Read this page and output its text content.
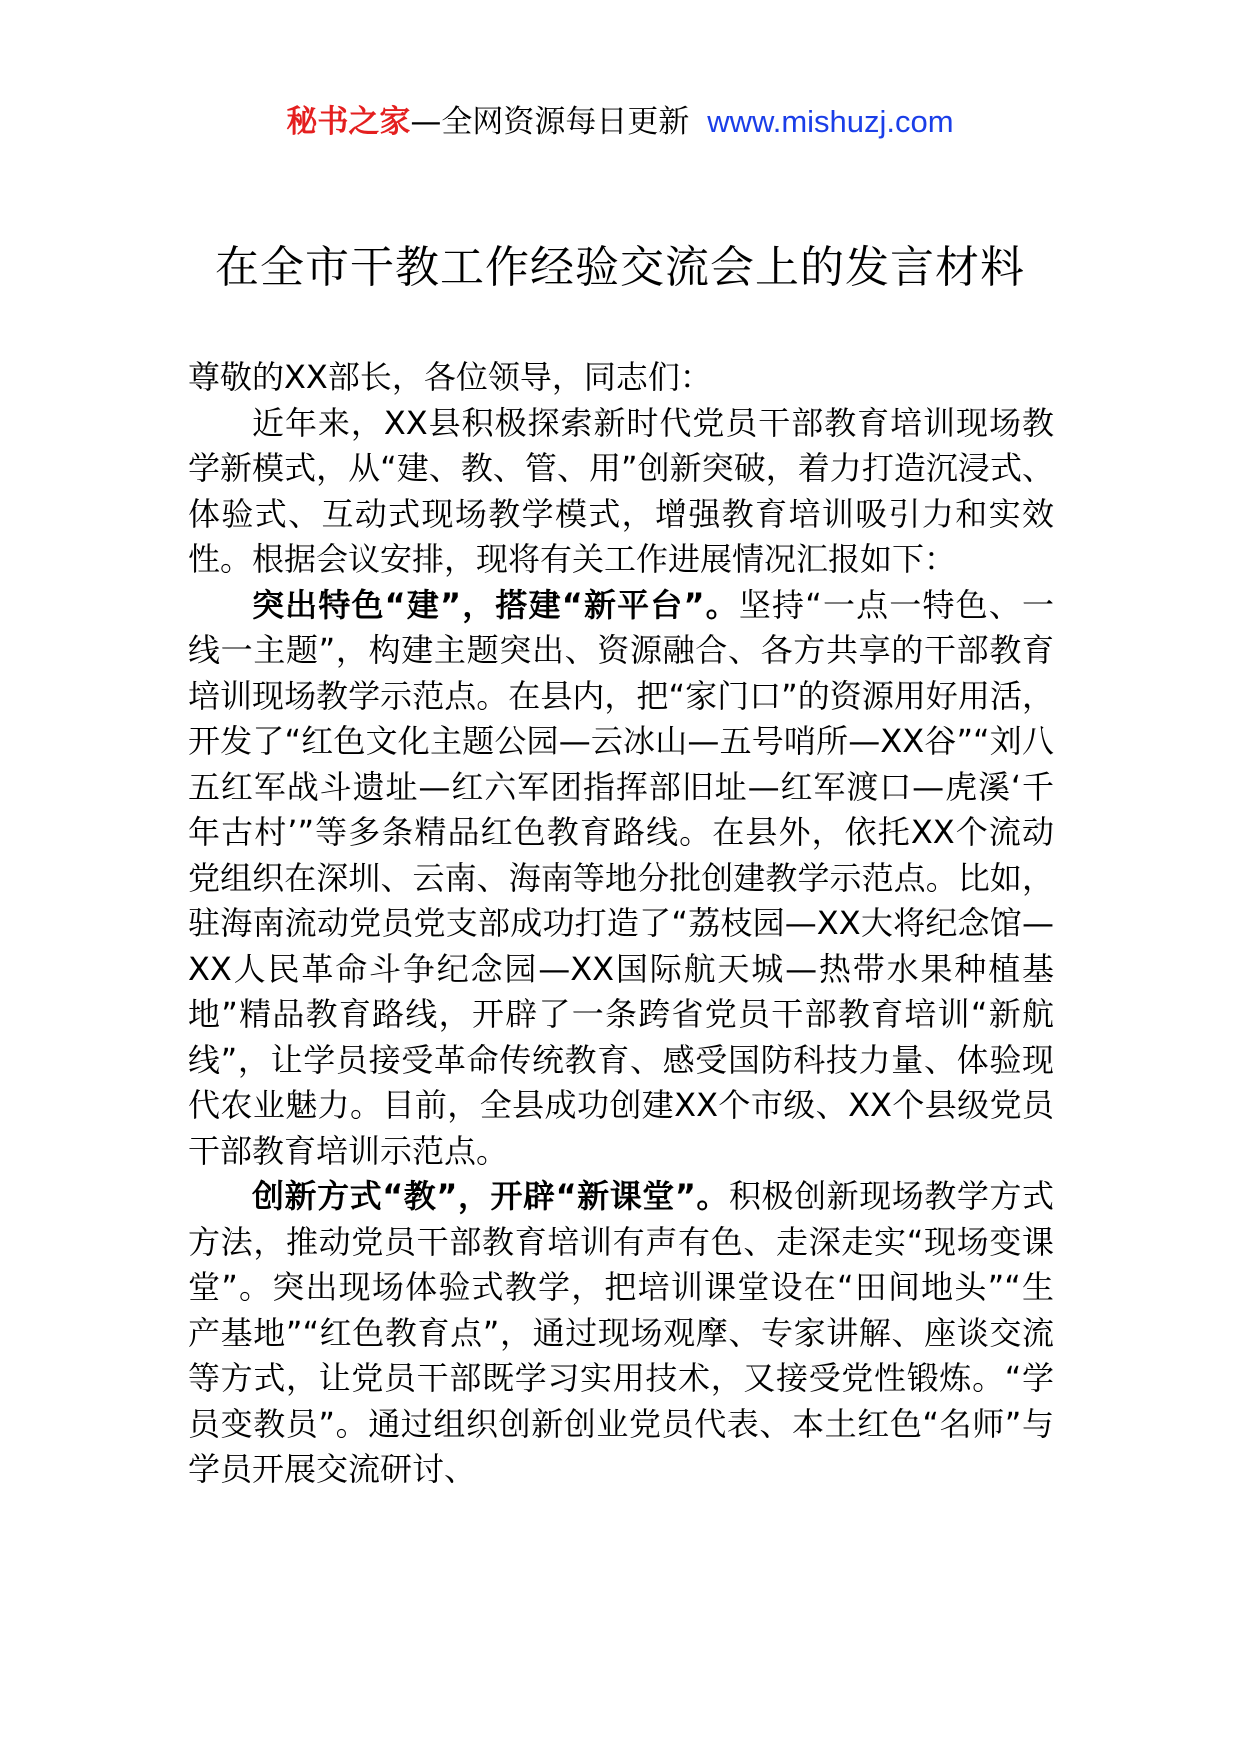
秘书之家—全网资源每日更新 www.mishuzj.com
在全市干教工作经验交流会上的发言材料

尊敬的XX部长，各位领导，同志们：

近年来，XX县积极探索新时代党员干部教育培训现场教学新模式，从“建、教、管、用”创新突破，着力打造沉浸式、体验式、互动式现场教学模式，增强教育培训吸引力和实效性。根据会议安排，现将有关工作进展情况汇报如下：

突出特色“建”，搭建“新平台”。坚持“一点一特色、一线一主题”，构建主题突出、资源融合、各方共享的干部教育培训现场教学示范点。在县内，把“家门口”的资源用好用活，开发了“红色文化主题公园—云冰山—五号哨所—XX谷”“刘八五红军战斗遗址—红六军团指挥部旧址—红军渡口—虎溪‘千年古村’”等多条精品红色教育路线。在县外，依托XX个流动党组织在深圳、云南、海南等地分批创建教学示范点。比如，驻海南流动党员党支部成功打造了“荔枝园—XX大将纪念馆—XX人民革命斗争纪念园—XX国际航天城—热带水果种植基地”精品教育路线，开辟了一条跨省党员干部教育培训“新航线”，让学员接受革命传统教育、感受国防科技力量、体验现代农业魅力。目前，全县成功创建XX个市级、XX个县级党员干部教育培训示范点。

创新方式“教”，开辟“新课堂”。积极创新现场教学方式方法，推动党员干部教育培训有声有色、走深走实“现场变课堂”。突出现场体验式教学，把培训课堂设在“田间地头”“生产基地”“红色教育点”，通过现场观摩、专家讲解、座谈交流等方式，让党员干部既学习实用技术，又接受党性锻炼。“学员变教员”。通过组织创新创业党员代表、本土红色“名师”与学员开展交流研讨、
